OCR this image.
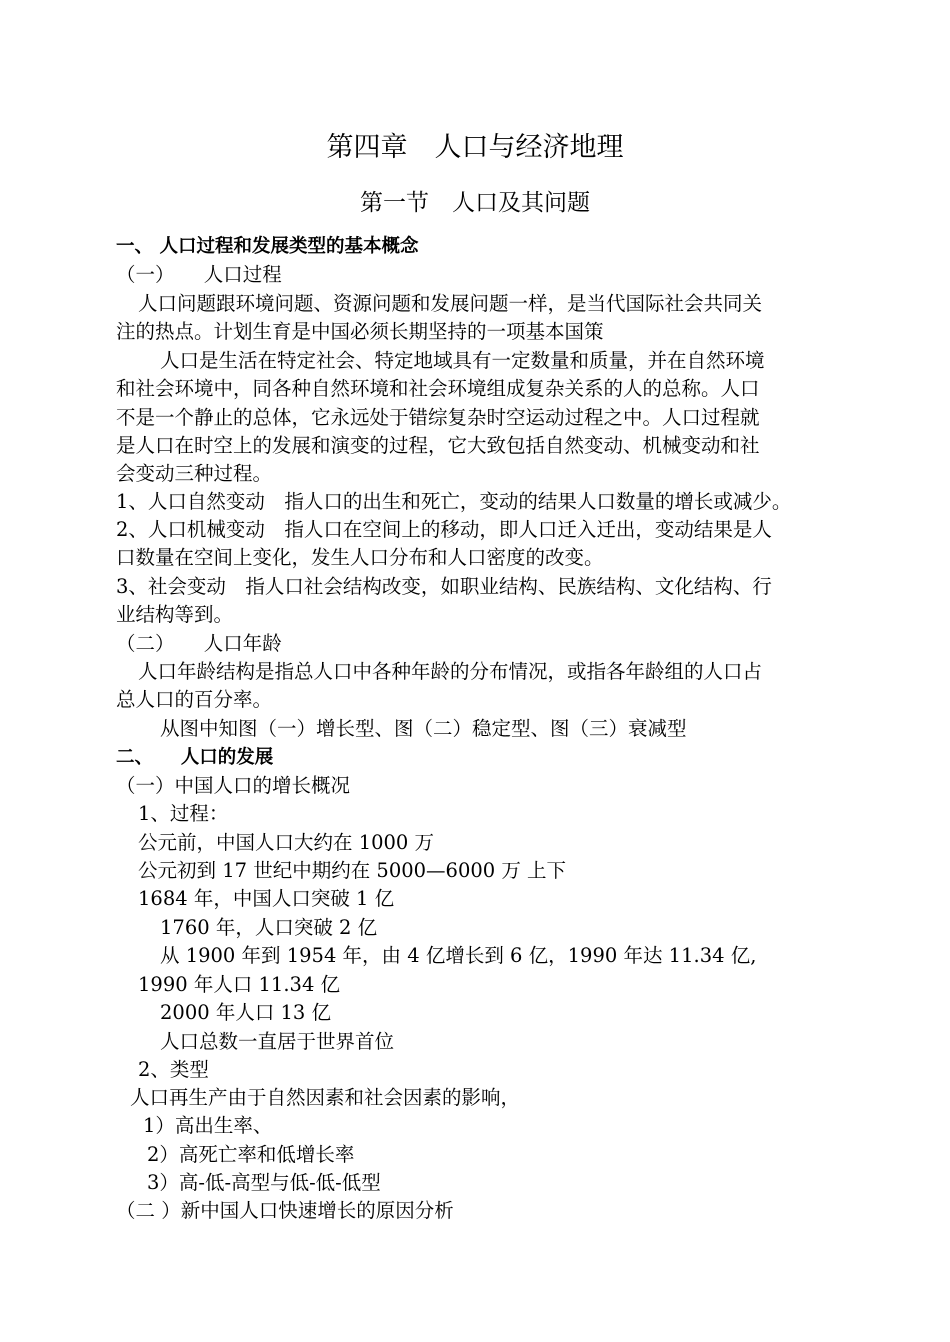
第四章　人口与经济地理
第一节　人口及其问题
一、 人口过程和发展类型的基本概念
（一）　　人口过程
人口问题跟环境问题、资源问题和发展问题一样，是当代国际社会共同关
注的热点。计划生育是中国必须长期坚持的一项基本国策
人口是生活在特定社会、特定地域具有一定数量和质量，并在自然环境
和社会环境中，同各种自然环境和社会环境组成复杂关系的人的总称。人口
不是一个静止的总体，它永远处于错综复杂时空运动过程之中。人口过程就
是人口在时空上的发展和演变的过程，它大致包括自然变动、机械变动和社
会变动三种过程。
1、人口自然变动　指人口的出生和死亡，变动的结果人口数量的增长或减少。
2、人口机械变动　指人口在空间上的移动，即人口迁入迁出，变动结果是人
口数量在空间上变化，发生人口分布和人口密度的改变。
3、社会变动　指人口社会结构改变，如职业结构、民族结构、文化结构、行
业结构等到。
（二）　　人口年龄
人口年龄结构是指总人口中各种年龄的分布情况，或指各年龄组的人口占
总人口的百分率。
从图中知图（一）增长型、图（二）稳定型、图（三）衰减型
二、　　人口的发展
（一）中国人口的增长概况
1、过程：
公元前，中国人口大约在 1000 万
公元初到 17 世纪中期约在 5000—6000 万 上下
1684 年，中国人口突破 1 亿
1760 年，人口突破 2 亿
从 1900 年到 1954 年，由 4 亿增长到 6 亿，1990 年达 11.34 亿,
1990 年人口 11.34 亿
2000 年人口 13 亿
人口总数一直居于世界首位
2、类型
人口再生产由于自然因素和社会因素的影响，
1）高出生率、
2）高死亡率和低增长率
3）高-低-高型与低-低-低型
（二 ）新中国人口快速增长的原因分析
